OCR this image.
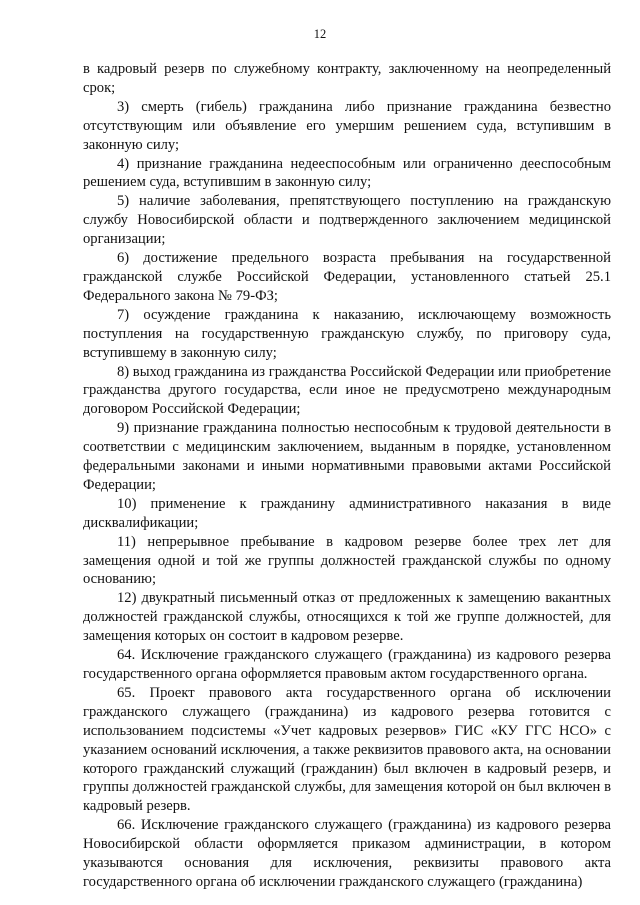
12

в кадровый резерв по служебному контракту, заключенному на неопределенный срок;

3) смерть (гибель) гражданина либо признание гражданина безвестно отсутствующим или объявление его умершим решением суда, вступившим в законную силу;

4) признание гражданина недееспособным или ограниченно дееспособным решением суда, вступившим в законную силу;

5) наличие заболевания, препятствующего поступлению на гражданскую службу Новосибирской области и подтвержденного заключением медицинской организации;

6) достижение предельного возраста пребывания на государственной гражданской службе Российской Федерации, установленного статьей 25.1 Федерального закона № 79-ФЗ;

7) осуждение гражданина к наказанию, исключающему возможность поступления на государственную гражданскую службу, по приговору суда, вступившему в законную силу;

8) выход гражданина из гражданства Российской Федерации или приобретение гражданства другого государства, если иное не предусмотрено международным договором Российской Федерации;

9) признание гражданина полностью неспособным к трудовой деятельности в соответствии с медицинским заключением, выданным в порядке, установленном федеральными законами и иными нормативными правовыми актами Российской Федерации;

10) применение к гражданину административного наказания в виде дисквалификации;

11) непрерывное пребывание в кадровом резерве более трех лет для замещения одной и той же группы должностей гражданской службы по одному основанию;

12) двукратный письменный отказ от предложенных к замещению вакантных должностей гражданской службы, относящихся к той же группе должностей, для замещения которых он состоит в кадровом резерве.

64. Исключение гражданского служащего (гражданина) из кадрового резерва государственного органа оформляется правовым актом государственного органа.

65. Проект правового акта государственного органа об исключении гражданского служащего (гражданина) из кадрового резерва готовится с использованием подсистемы «Учет кадровых резервов» ГИС «КУ ГГС НСО» с указанием оснований исключения, а также реквизитов правового акта, на основании которого гражданский служащий (гражданин) был включен в кадровый резерв, и группы должностей гражданской службы, для замещения которой он был включен в кадровый резерв.

66. Исключение гражданского служащего (гражданина) из кадрового резерва Новосибирской области оформляется приказом администрации, в котором указываются основания для исключения, реквизиты правового акта государственного органа об исключении гражданского служащего (гражданина)
